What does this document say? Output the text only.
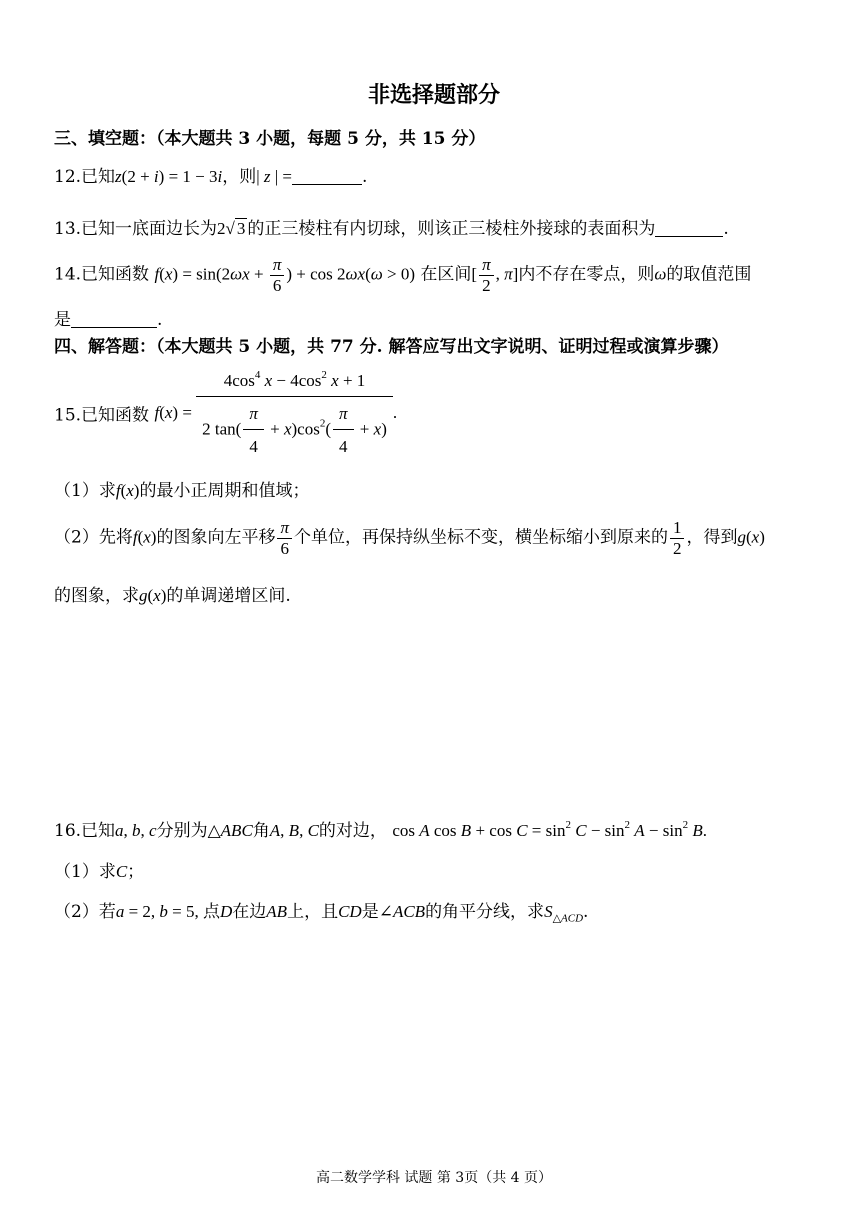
非选择题部分
三、填空题：（本大题共 3 小题，每题 5 分，共 15 分）
12.已知z(2 + i) = 1 − 3i，则| z | =	.
13.已知一底面边长为2√ 3 的正三棱柱有内切球，则该正三棱柱外接球的表面积为	.
14.已知函数 $f(x) = \sin(2\omega x + \frac{\pi}{6}$ ) + cos 2ωx(ω > 0) 在区间[ $\frac{\pi}{2}$ , π]内不存在零点，则ω的取值范围
是	.
四、解答题：（本大题共 5 小题，共 77 分. 解答应写出文字说明、证明过程或演算步骤）
15.已知函数 $f(x) = \frac{4\cos^4 x - 4\cos^2 x + 1}{2 \tan( \frac{\pi}{4} + x)\cos^2( \frac{\pi}{4} + x)}$ .
（1）求f(x)的最小正周期和值域；
（2）先将f(x)的图象向左平移 $\frac{\pi}{6}$ 个单位，再保持纵坐标不变，横坐标缩小到原来的 $\frac{1}{2}$ ，得到g(x)
的图象，求g(x)的单调递增区间.
16.已知a, b, c分别为△ABC角A, B, C的对边， cos A $\cos B + \cos C = \sin^2 C - \sin^2 A - \sin^2 B$.
（1）求C；
（2）若a = 2, b = 5, 点D在边AB上，且CD是∠ACB的角平分线，求$S_{\triangle ACD}$.
高二数学学科 试题 第 3页（共 4 页）
